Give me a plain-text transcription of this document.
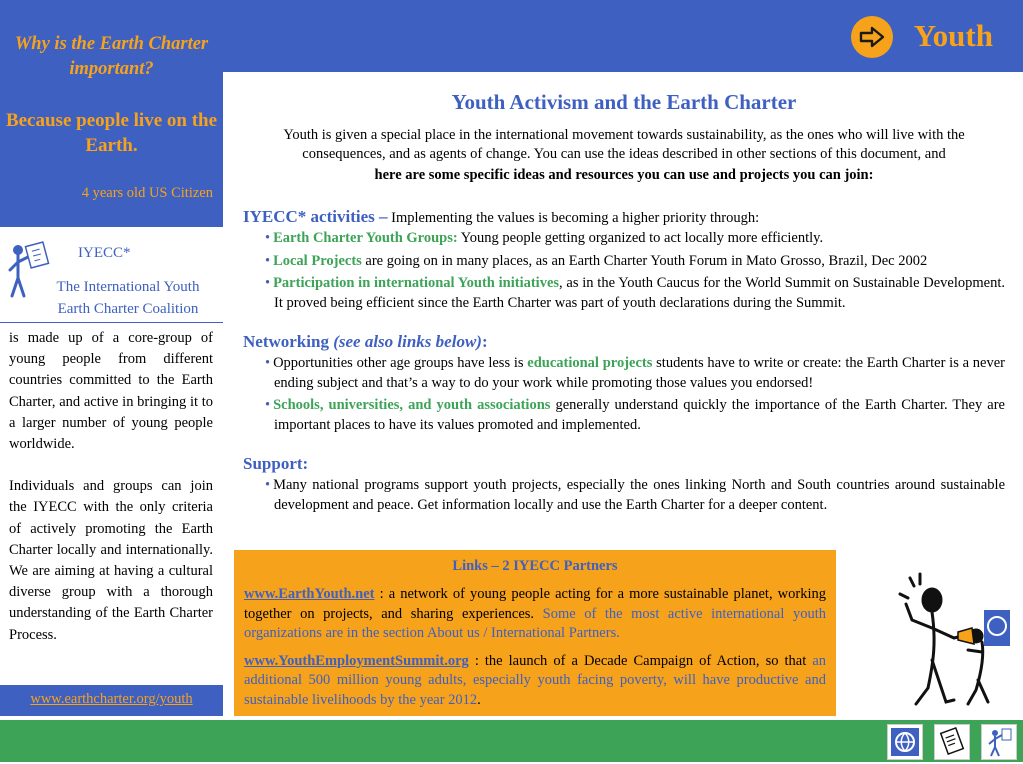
Youth
Why is the Earth Charter important?
Because people live on the Earth.
4 years old US Citizen
IYECC*
The International Youth Earth Charter Coalition

is made up of a core-group of young people from different countries committed to the Earth Charter, and active in bringing it to a larger number of young people worldwide.

Individuals and groups can join the IYECC with the only criteria of actively promoting the Earth Charter locally and internationally. We are aiming at having a cultural diverse group with a thorough understanding of the Earth Charter Process.

www.earthcharter.org/youth
Youth Activism and the Earth Charter

Youth is given a special place in the international movement towards sustainability, as the ones who will live with the consequences, and as agents of change. You can use the ideas described in other sections of this document, and

here are some specific ideas and resources you can use and projects you can join:

IYECC* activities – Implementing the values is becoming a higher priority through:

• Earth Charter Youth Groups: Young people getting organized to act locally more efficiently.
• Local Projects are going on in many places, as an Earth Charter Youth Forum in Mato Grosso, Brazil, Dec 2002
• Participation in international Youth initiatives, as in the Youth Caucus for the World Summit on Sustainable Development. It proved being efficient since the Earth Charter was part of youth declarations during the Summit.

Networking (see also links below):

• Opportunities other age groups have less is educational projects students have to write or create: the Earth Charter is a never ending subject and that’s a way to do your work while promoting those values you endorsed!
• Schools, universities, and youth associations generally understand quickly the importance of the Earth Charter. They are important places to have its values promoted and implemented.

Support:

• Many national programs support youth projects, especially the ones linking North and South countries around sustainable development and peace. Get information locally and use the Earth Charter for a deeper content.
Links – 2 IYECC Partners

www.EarthYouth.net : a network of young people acting for a more sustainable planet, working together on projects, and sharing experiences. Some of the most active international youth organizations are in the section About us / International Partners.

www.YouthEmploymentSummit.org : the launch of a Decade Campaign of Action, so that an additional 500 million young adults, especially youth facing poverty, will have productive and sustainable livelihoods by the year 2012.
